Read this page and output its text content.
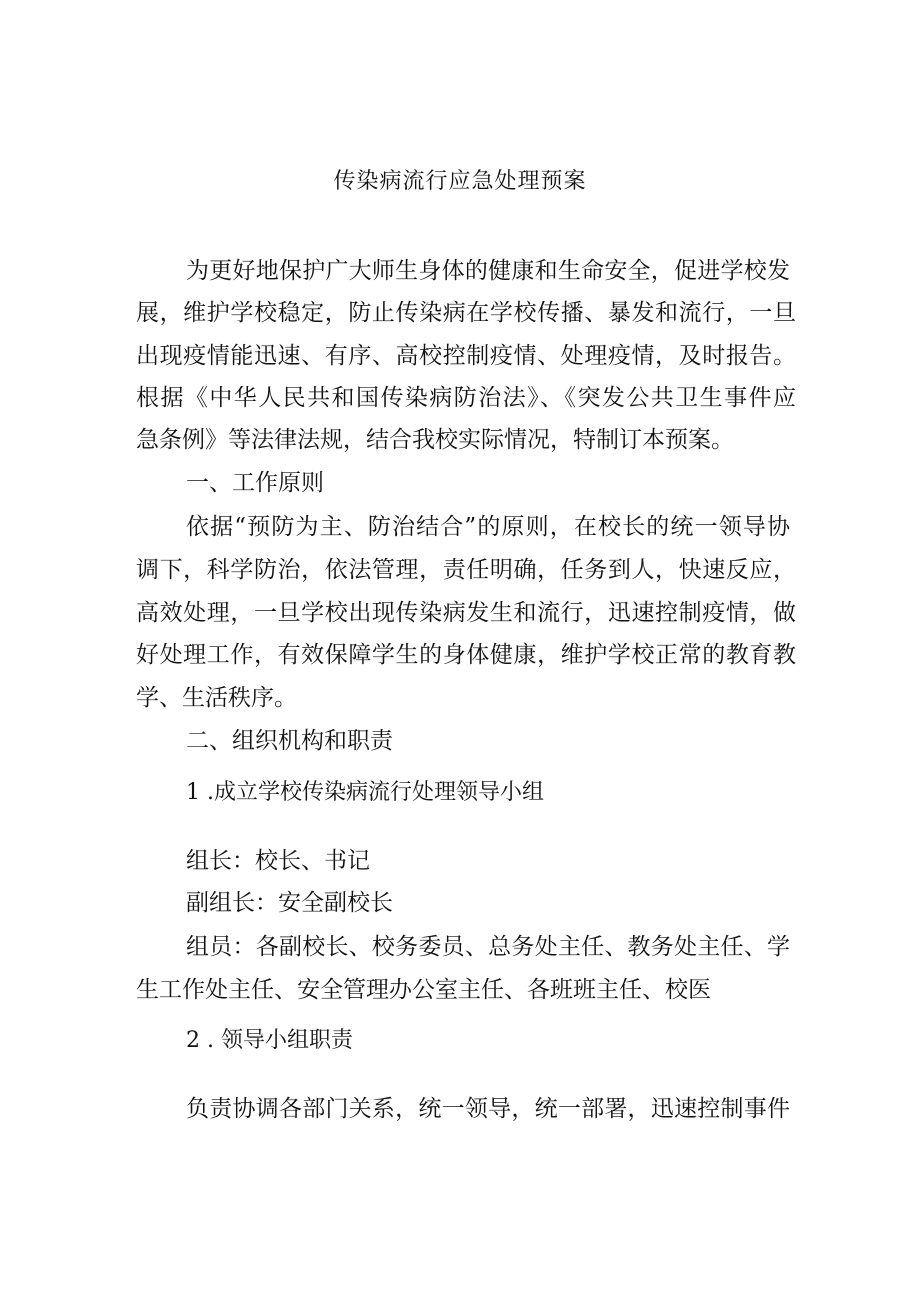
传染病流行应急处理预案
为更好地保护广大师生身体的健康和生命安全，促进学校发
展，维护学校稳定，防止传染病在学校传播、暴发和流行，一旦
出现疫情能迅速、有序、高校控制疫情、处理疫情，及时报告。
根据《中华人民共和国传染病防治法》、《突发公共卫生事件应
急条例》等法律法规，结合我校实际情况，特制订本预案。
一、工作原则
依据“预防为主、防治结合”的原则，在校长的统一领导协
调下，科学防治，依法管理，责任明确，任务到人，快速反应，
高效处理，一旦学校出现传染病发生和流行，迅速控制疫情，做
好处理工作，有效保障学生的身体健康，维护学校正常的教育教
学、生活秩序。
二、组织机构和职责
1 .成立学校传染病流行处理领导小组
组长：校长、书记
副组长：安全副校长
组员：各副校长、校务委员、总务处主任、教务处主任、学
生工作处主任、安全管理办公室主任、各班班主任、校医
2 . 领导小组职责
负责协调各部门关系，统一领导，统一部署，迅速控制事件
